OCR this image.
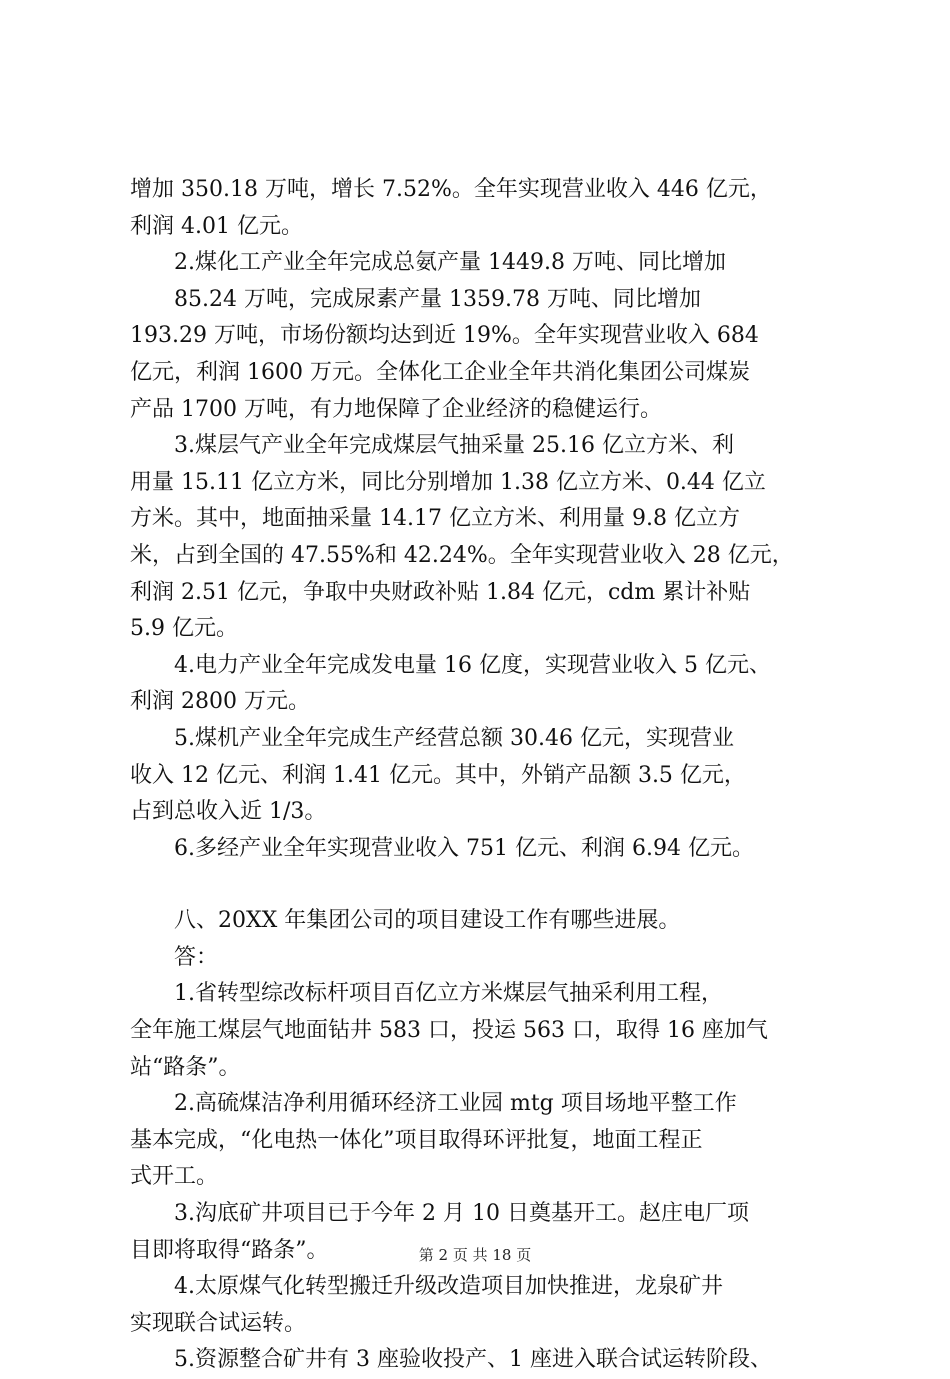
增加 350.18 万吨，增长 7.52%。全年实现营业收入 446 亿元，
利润 4.01 亿元。
2.煤化工产业全年完成总氨产量 1449.8 万吨、同比增加
85.24 万吨，完成尿素产量 1359.78 万吨、同比增加
193.29 万吨，市场份额均达到近 19%。全年实现营业收入 684
亿元，利润 1600 万元。全体化工企业全年共消化集团公司煤炭
产品 1700 万吨，有力地保障了企业经济的稳健运行。
3.煤层气产业全年完成煤层气抽采量 25.16 亿立方米、利
用量 15.11 亿立方米，同比分别增加 1.38 亿立方米、0.44 亿立
方米。其中，地面抽采量 14.17 亿立方米、利用量 9.8 亿立方
米，占到全国的 47.55%和 42.24%。全年实现营业收入 28 亿元，
利润 2.51 亿元，争取中央财政补贴 1.84 亿元，cdm 累计补贴
5.9 亿元。
4.电力产业全年完成发电量 16 亿度，实现营业收入 5 亿元、
利润 2800 万元。
5.煤机产业全年完成生产经营总额 30.46 亿元，实现营业
收入 12 亿元、利润 1.41 亿元。其中，外销产品额 3.5 亿元，
占到总收入近 1/3。
6.多经产业全年实现营业收入 751 亿元、利润 6.94 亿元。
八、20XX 年集团公司的项目建设工作有哪些进展。
答：
1.省转型综改标杆项目百亿立方米煤层气抽采利用工程，
全年施工煤层气地面钻井 583 口，投运 563 口，取得 16 座加气
站“路条”。
2.高硫煤洁净利用循环经济工业园 mtg 项目场地平整工作
基本完成，“化电热一体化”项目取得环评批复，地面工程正
式开工。
3.沟底矿井项目已于今年 2 月 10 日奠基开工。赵庄电厂项
目即将取得“路条”。
4.太原煤气化转型搬迁升级改造项目加快推进，龙泉矿井
实现联合试运转。
5.资源整合矿井有 3 座验收投产、1 座进入联合试运转阶段、
第 2 页 共 18 页
